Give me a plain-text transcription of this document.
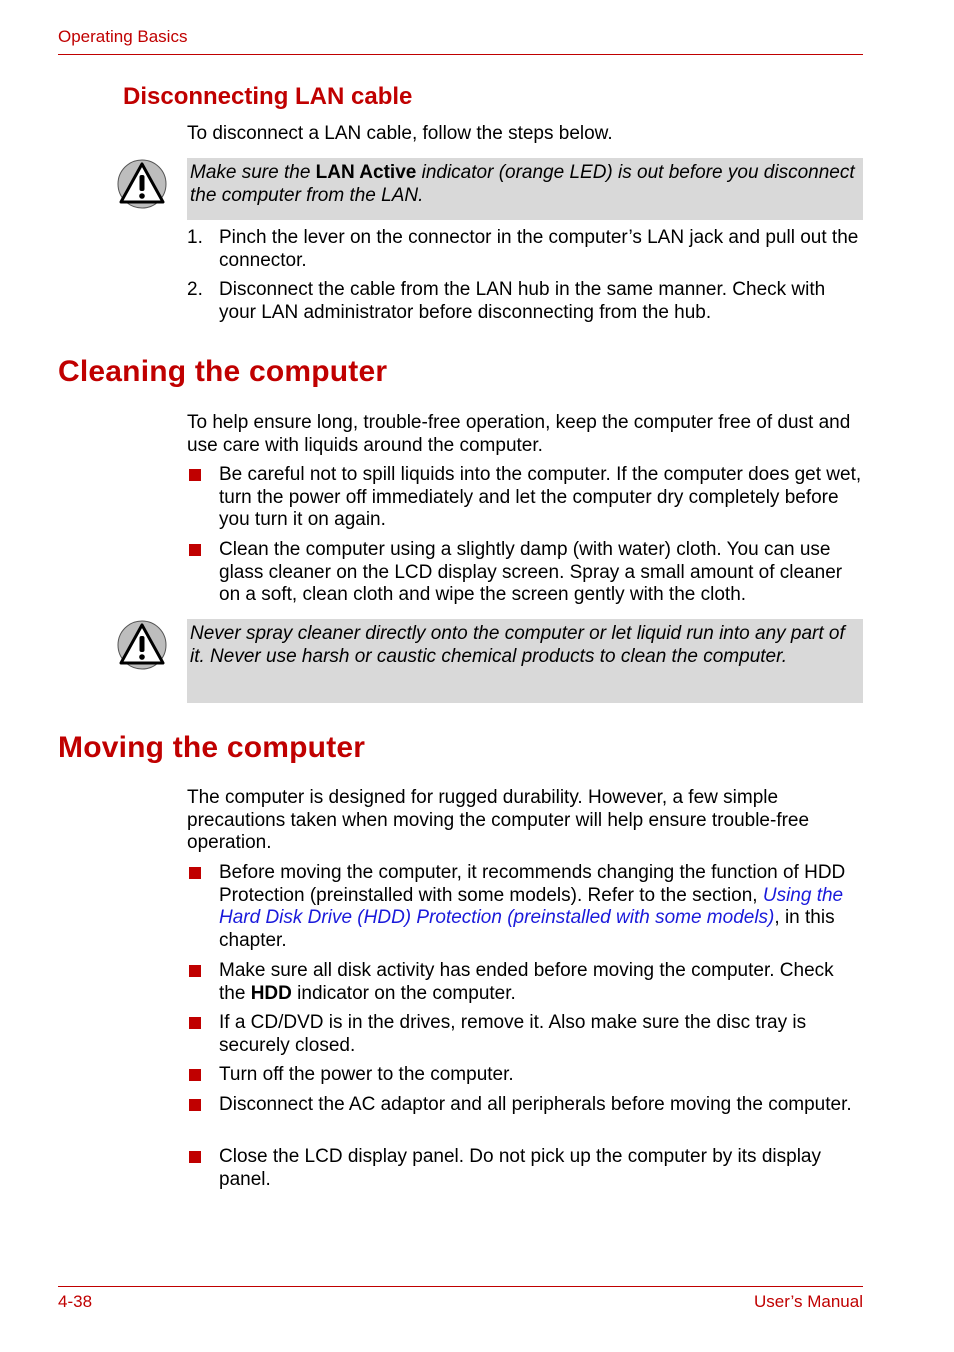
Operating Basics
Disconnecting LAN cable
To disconnect a LAN cable, follow the steps below.
Make sure the LAN Active indicator (orange LED) is out before you disconnect the computer from the LAN.
1. Pinch the lever on the connector in the computer’s LAN jack and pull out the connector.
2. Disconnect the cable from the LAN hub in the same manner. Check with your LAN administrator before disconnecting from the hub.
Cleaning the computer
To help ensure long, trouble-free operation, keep the computer free of dust and use care with liquids around the computer.
Be careful not to spill liquids into the computer. If the computer does get wet, turn the power off immediately and let the computer dry completely before you turn it on again.
Clean the computer using a slightly damp (with water) cloth. You can use glass cleaner on the LCD display screen. Spray a small amount of cleaner on a soft, clean cloth and wipe the screen gently with the cloth.
Never spray cleaner directly onto the computer or let liquid run into any part of it. Never use harsh or caustic chemical products to clean the computer.
Moving the computer
The computer is designed for rugged durability. However, a few simple precautions taken when moving the computer will help ensure trouble-free operation.
Before moving the computer, it recommends changing the function of HDD Protection (preinstalled with some models). Refer to the section, Using the Hard Disk Drive (HDD) Protection (preinstalled with some models), in this chapter.
Make sure all disk activity has ended before moving the computer. Check the HDD indicator on the computer.
If a CD/DVD is in the drives, remove it. Also make sure the disc tray is securely closed.
Turn off the power to the computer.
Disconnect the AC adaptor and all peripherals before moving the computer.
Close the LCD display panel. Do not pick up the computer by its display panel.
4-38	User’s Manual
